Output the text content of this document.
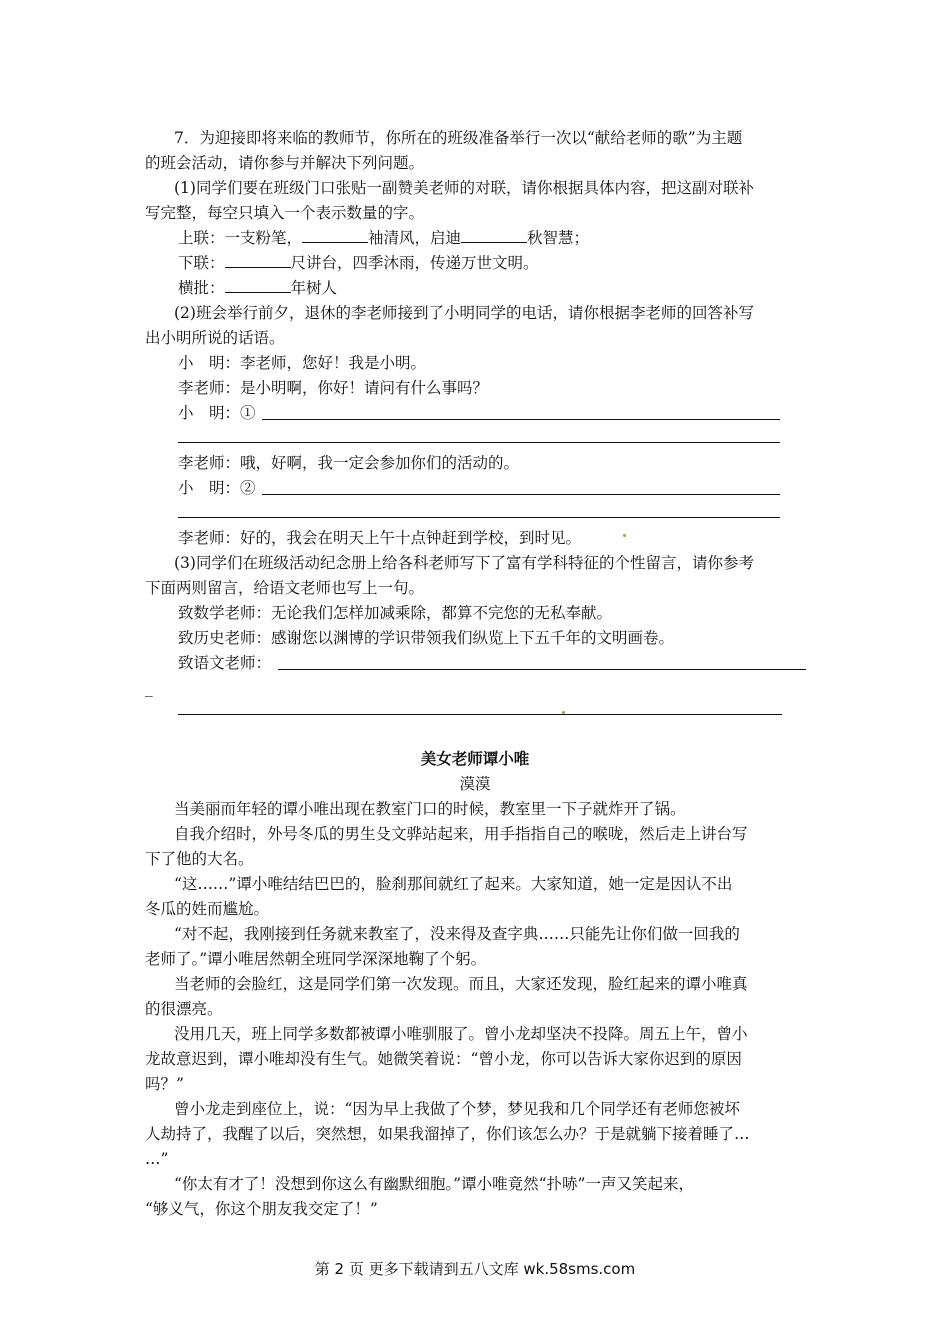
7．为迎接即将来临的教师节，你所在的班级准备举行一次以“献给老师的歌”为主题
的班会活动，请你参与并解决下列问题。
(1)同学们要在班级门口张贴一副赞美老师的对联，请你根据具体内容，把这副对联补
写完整，每空只填入一个表示数量的字。
上联：一支粉笔，	袖清风，启迪	秋智慧；
下联：	尺讲台，四季沐雨，传递万世文明。
横批：	年树人
(2)班会举行前夕，退休的李老师接到了小明同学的电话，请你根据李老师的回答补写
出小明所说的话语。
小　明：李老师，您好！我是小明。
李老师：是小明啊，你好！请问有什么事吗？
小　明：①
李老师：哦，好啊，我一定会参加你们的活动的。
小　明：②
李老师：好的，我会在明天上午十点钟赶到学校，到时见。
(3)同学们在班级活动纪念册上给各科老师写下了富有学科特征的个性留言，请你参考
下面两则留言，给语文老师也写上一句。
致数学老师：无论我们怎样加减乘除，都算不完您的无私奉献。
致历史老师：感谢您以渊博的学识带领我们纵览上下五千年的文明画卷。
致语文老师：
_
美女老师谭小唯
漠漠
当美丽而年轻的谭小唯出现在教室门口的时候，教室里一下子就炸开了锅。
自我介绍时，外号冬瓜的男生殳文骅站起来，用手指指自己的喉咙，然后走上讲台写
下了他的大名。
“这……”谭小唯结结巴巴的，脸刹那间就红了起来。大家知道，她一定是因认不出
冬瓜的姓而尴尬。
“对不起，我刚接到任务就来教室了，没来得及查字典……只能先让你们做一回我的
老师了。”谭小唯居然朝全班同学深深地鞠了个躬。
当老师的会脸红，这是同学们第一次发现。而且，大家还发现，脸红起来的谭小唯真
的很漂亮。
没用几天，班上同学多数都被谭小唯驯服了。曾小龙却坚决不投降。周五上午，曾小
龙故意迟到，谭小唯却没有生气。她微笑着说：“曾小龙，你可以告诉大家你迟到的原因
吗？”
曾小龙走到座位上，说：“因为早上我做了个梦，梦见我和几个同学还有老师您被坏
人劫持了，我醒了以后，突然想，如果我溜掉了，你们该怎么办？于是就躺下接着睡了…
…”
“你太有才了！没想到你这么有幽默细胞。”谭小唯竟然“扑哧”一声又笑起来，
“够义气，你这个朋友我交定了！”
第 2 页 更多下载请到五八文库 wk.58sms.com
